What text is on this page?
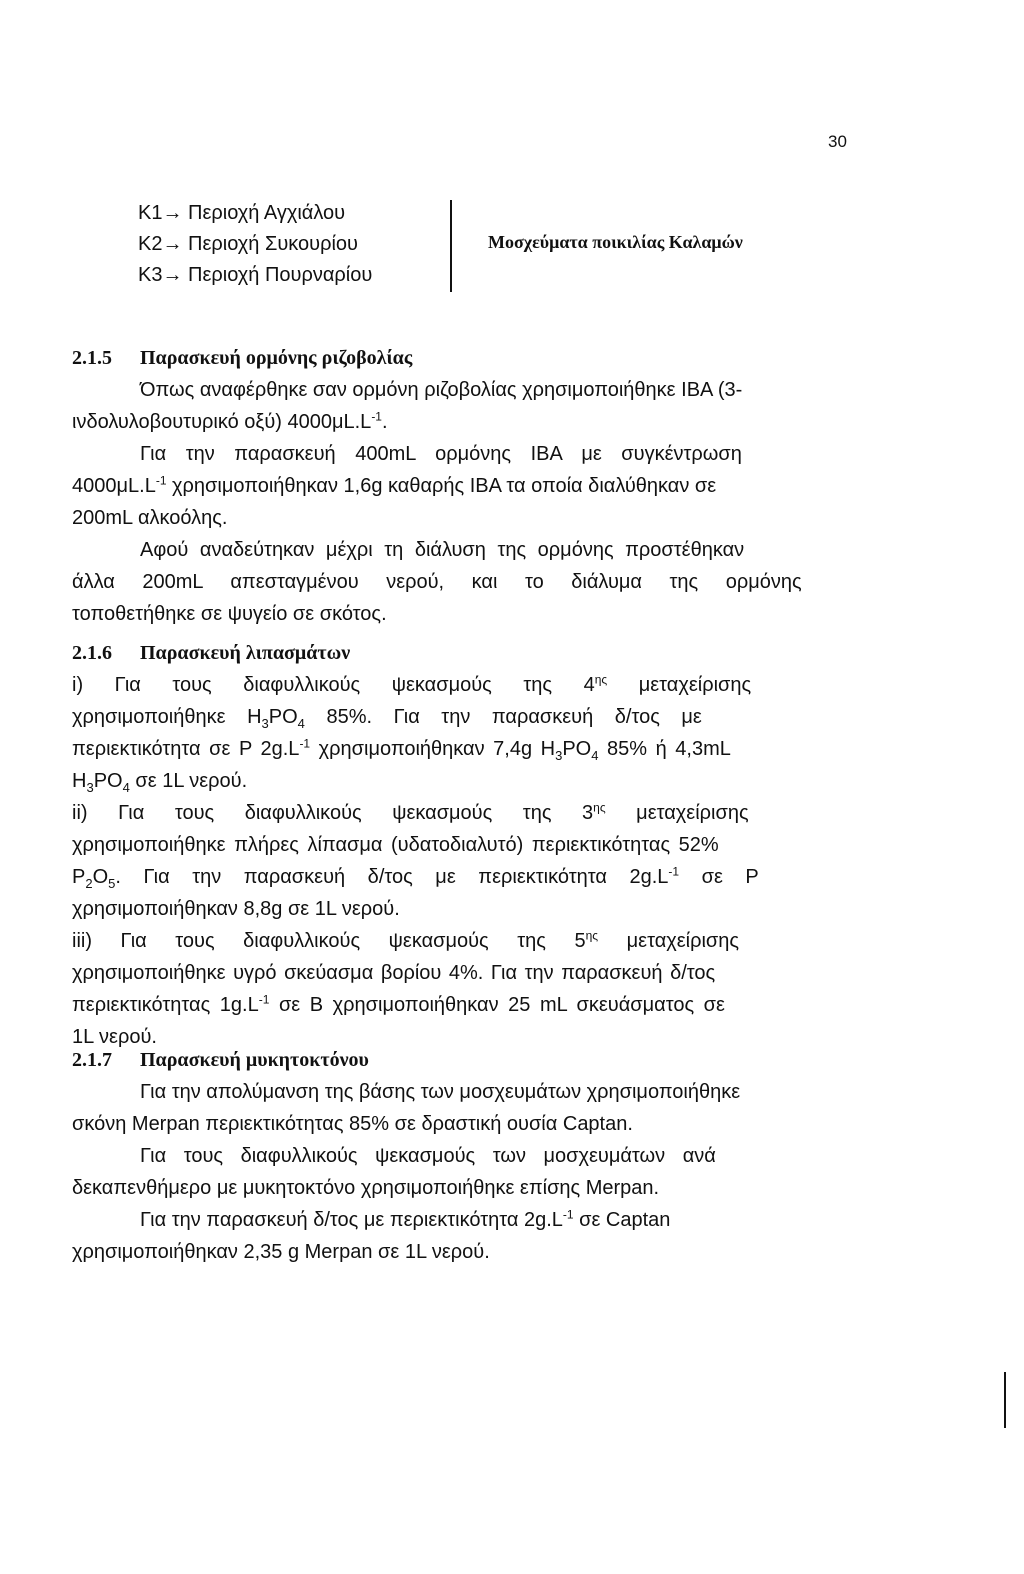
30
K1→ Περιοχή Αγχιάλου
K2→ Περιοχή Συκουρίου
K3→ Περιοχή Πουρναρίου
Μοσχεύματα ποικιλίας Καλαμών
2.1.5 Παρασκευή ορμόνης ριζοβολίας
Όπως αναφέρθηκε σαν ορμόνη ριζοβολίας χρησιμοποιήθηκε ΙΒΑ (3-
ινδολυλοβουτυρικό οξύ) $4000\mu L.L^{-1}$.
Για την παρασκευή 400mL ορμόνης ΙΒΑ με συγκέντρωση
$4000\mu L.L^{-1}$ χρησιμοποιήθηκαν 1,6g καθαρής ΙΒΑ τα οποία διαλύθηκαν σε
200mL αλκοόλης.
Αφού αναδεύτηκαν μέχρι τη διάλυση της ορμόνης προστέθηκαν
άλλα 200mL απεσταγμένου νερού, και το διάλυμα της ορμόνης
τοποθετήθηκε σε ψυγείο σε σκότος.
2.1.6 Παρασκευή λιπασμάτων
i) Για τους διαφυλλικούς ψεκασμούς της $4^{\eta\varsigma}$ μεταχείρισης
χρησιμοποιήθηκε $H_3PO_4$ 85%. Για την παρασκευή δ/τος με
περιεκτικότητα σε P $2g.L^{-1}$ χρησιμοποιήθηκαν 7,4g $H_3PO_4$ 85% ή 4,3mL
$H_3PO_4$ σε 1L νερού.
ii) Για τους διαφυλλικούς ψεκασμούς της $3^{\eta\varsigma}$ μεταχείρισης
χρησιμοποιήθηκε πλήρες λίπασμα (υδατοδιαλυτό) περιεκτικότητας 52%
$P_2O_5$. Για την παρασκευή δ/τος με περιεκτικότητα $2g.L^{-1}$ σε P
χρησιμοποιήθηκαν 8,8g σε 1L νερού.
iii) Για τους διαφυλλικούς ψεκασμούς της $5^{\eta\varsigma}$ μεταχείρισης
χρησιμοποιήθηκε υγρό σκεύασμα βορίου 4%. Για την παρασκευή δ/τος
περιεκτικότητας $1g.L^{-1}$ σε B χρησιμοποιήθηκαν 25 mL σκευάσματος σε
1L νερού.
2.1.7 Παρασκευή μυκητοκτόνου
Για την απολύμανση της βάσης των μοσχευμάτων χρησιμοποιήθηκε
σκόνη Merpan περιεκτικότητας 85% σε δραστική ουσία Captan.
Για τους διαφυλλικούς ψεκασμούς των μοσχευμάτων ανά
δεκαπενθήμερο με μυκητοκτόνο χρησιμοποιήθηκε επίσης Merpan.
Για την παρασκευή δ/τος με περιεκτικότητα $2g.L^{-1}$ σε Captan
χρησιμοποιήθηκαν 2,35 g Merpan σε 1L νερού.
